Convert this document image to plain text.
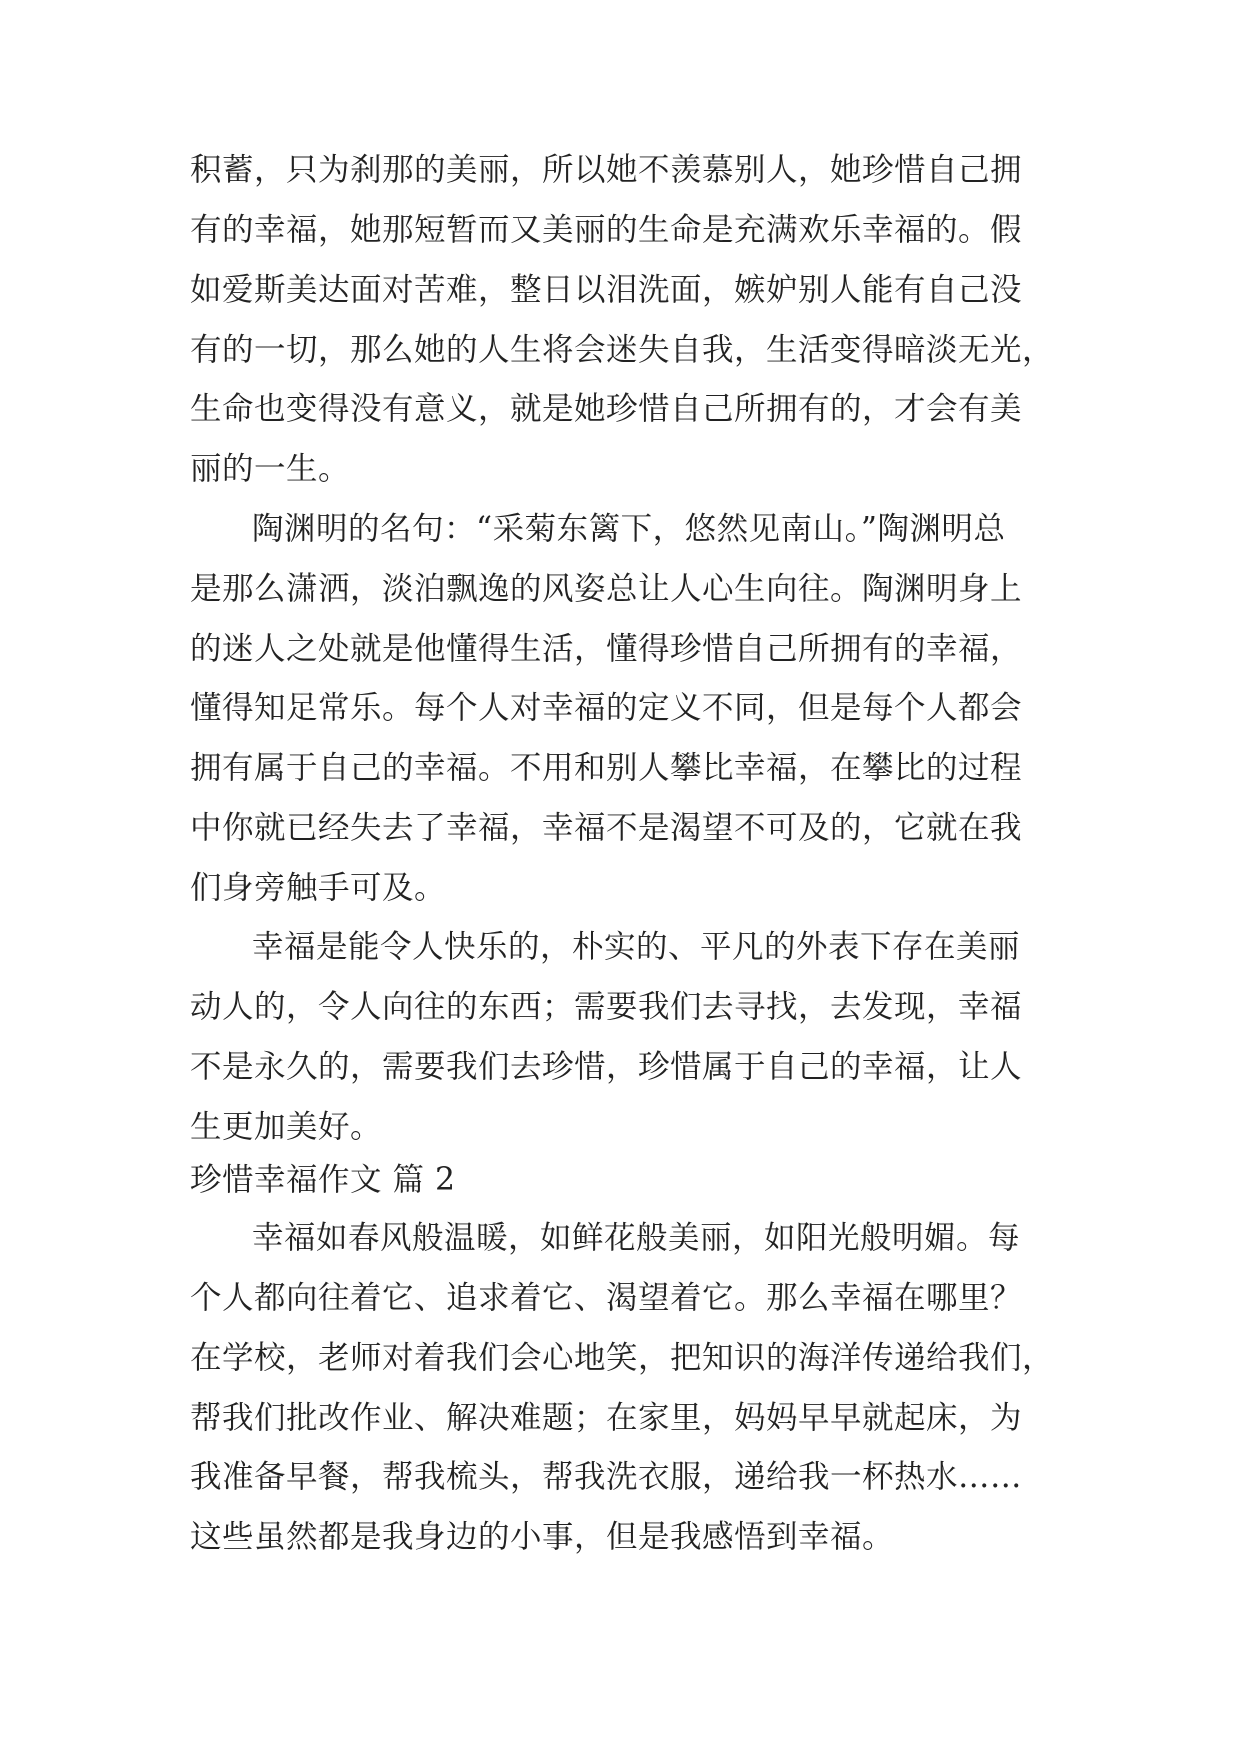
积蓄，只为刹那的美丽，所以她不羡慕别人，她珍惜自己拥
有的幸福，她那短暂而又美丽的生命是充满欢乐幸福的。假
如爱斯美达面对苦难，整日以泪洗面，嫉妒别人能有自己没
有的一切，那么她的人生将会迷失自我，生活变得暗淡无光，
生命也变得没有意义，就是她珍惜自己所拥有的，才会有美
丽的一生。
陶渊明的名句：“采菊东篱下，悠然见南山。”陶渊明总
是那么潇洒，淡泊飘逸的风姿总让人心生向往。陶渊明身上
的迷人之处就是他懂得生活，懂得珍惜自己所拥有的幸福，
懂得知足常乐。每个人对幸福的定义不同，但是每个人都会
拥有属于自己的幸福。不用和别人攀比幸福，在攀比的过程
中你就已经失去了幸福，幸福不是渴望不可及的，它就在我
们身旁触手可及。
幸福是能令人快乐的，朴实的、平凡的外表下存在美丽
动人的，令人向往的东西；需要我们去寻找，去发现，幸福
不是永久的，需要我们去珍惜，珍惜属于自己的幸福，让人
生更加美好。
珍惜幸福作文 篇 2
幸福如春风般温暖，如鲜花般美丽，如阳光般明媚。每
个人都向往着它、追求着它、渴望着它。那么幸福在哪里？
在学校，老师对着我们会心地笑，把知识的海洋传递给我们，
帮我们批改作业、解决难题；在家里，妈妈早早就起床，为
我准备早餐，帮我梳头，帮我洗衣服，递给我一杯热水……
这些虽然都是我身边的小事，但是我感悟到幸福。
